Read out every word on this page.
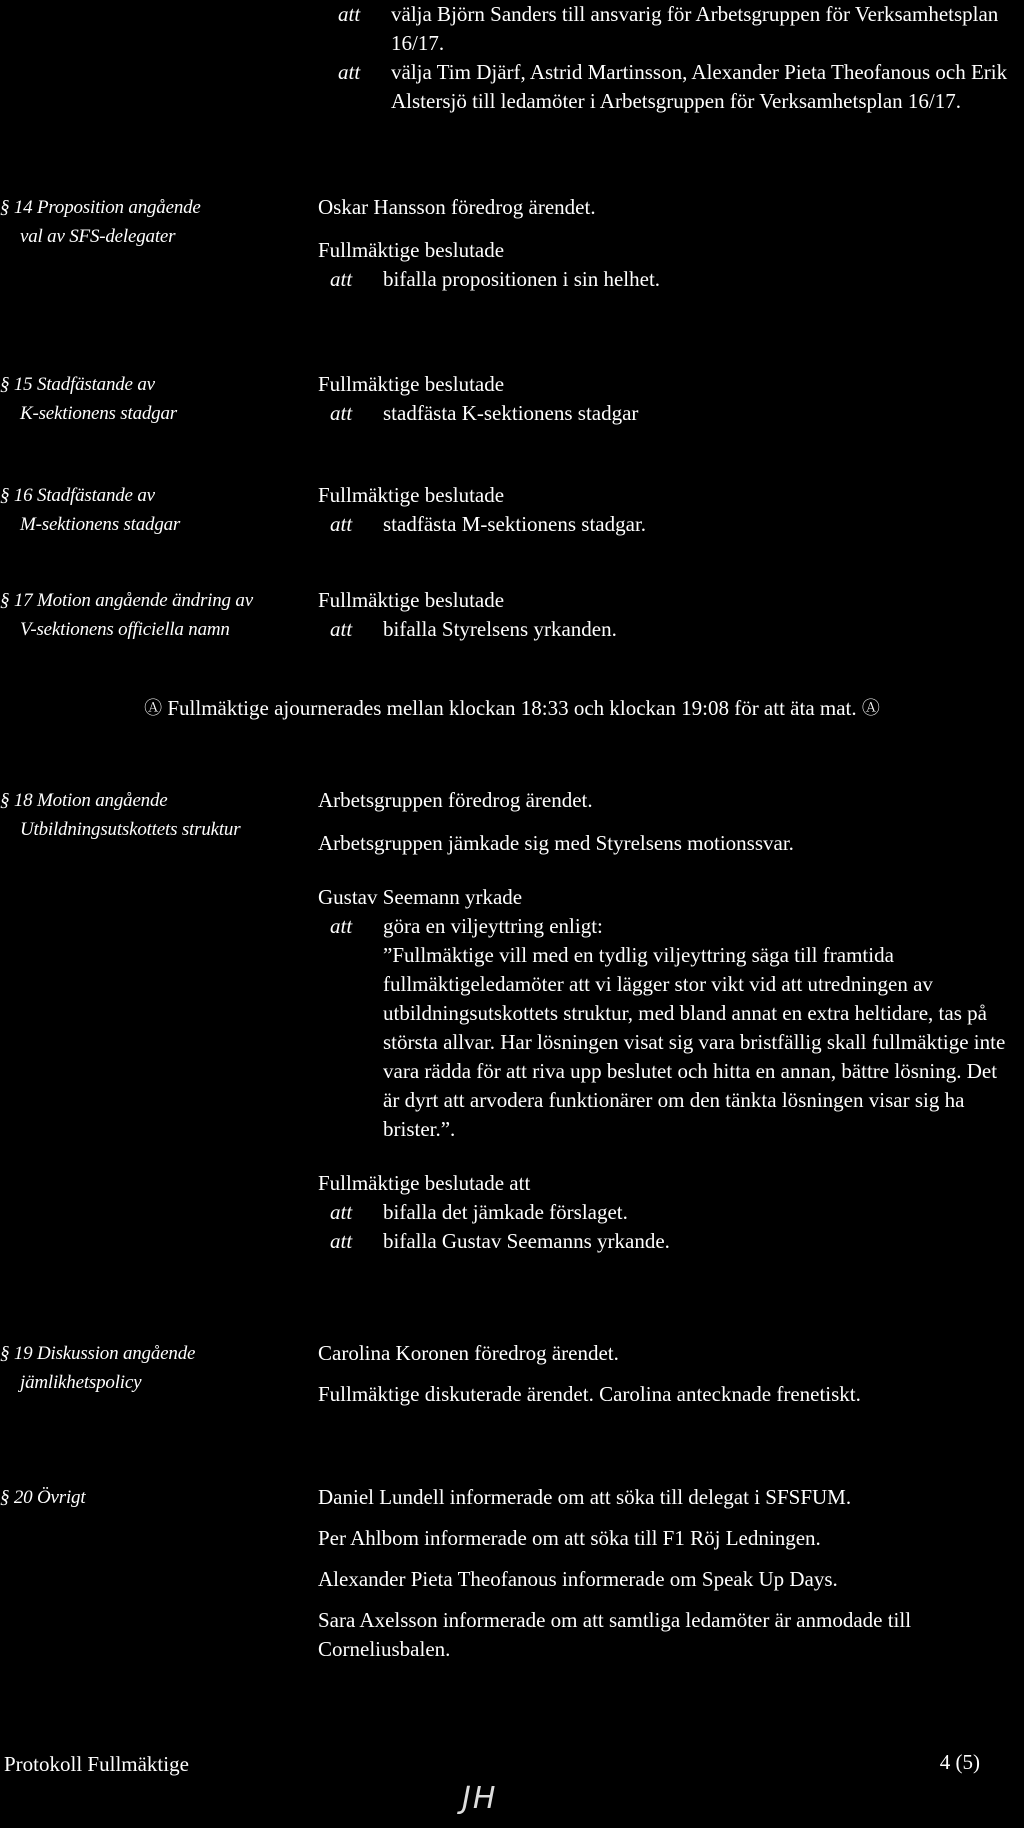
att välja Björn Sanders till ansvarig för Arbetsgruppen för Verksamhetsplan 16/17.
att välja Tim Djärf, Astrid Martinsson, Alexander Pieta Theofanous och Erik Alstersjö till ledamöter i Arbetsgruppen för Verksamhetsplan 16/17.
§ 14 Proposition angående
val av SFS-delegater

Oskar Hansson föredrog ärendet.

Fullmäktige beslutade

att bifalla propositionen i sin helhet.
§ 15 Stadfästande av
K-sektionens stadgar

Fullmäktige beslutade

att stadfästa K-sektionens stadgar
§ 16 Stadfästande av
M-sektionens stadgar

Fullmäktige beslutade

att stadfästa M-sektionens stadgar.
§ 17 Motion angående ändring av
V-sektionens officiella namn

Fullmäktige beslutade

att bifalla Styrelsens yrkanden.
Ⓐ Fullmäktige ajournerades mellan klockan 18:33 och klockan 19:08 för att äta mat. Ⓐ
§ 18 Motion angående
Utbildningsutskottets struktur

Arbetsgruppen föredrog ärendet.

Arbetsgruppen jämkade sig med Styrelsens motionssvar.

Gustav Seemann yrkade

att göra en viljeyttring enligt:
”Fullmäktige vill med en tydlig viljeyttring säga till framtida fullmäktigeledamöter att vi lägger stor vikt vid att utredningen av utbildningsutskottets struktur, med bland annat en extra heltidare, tas på största allvar. Har lösningen visat sig vara bristfällig skall fullmäktige inte vara rädda för att riva upp beslutet och hitta en annan, bättre lösning. Det är dyrt att arvodera funktionärer om den tänkta lösningen visar sig ha brister.”.

Fullmäktige beslutade att

att bifalla det jämkade förslaget.
att bifalla Gustav Seemanns yrkande.
§ 19 Diskussion angående
jämlikhetspolicy

Carolina Koronen föredrog ärendet.

Fullmäktige diskuterade ärendet. Carolina antecknade frenetiskt.

§ 20 Övrigt	Daniel Lundell informerade om att söka till delegat i SFSFUM.

Per Ahlbom informerade om att söka till F1 Röj Ledningen.

Alexander Pieta Theofanous informerade om Speak Up Days.

Sara Axelsson informerade om att samtliga ledamöter är anmodade till Corneliusbalen.

Protokoll Fullmäktige	4 (5)
JH
